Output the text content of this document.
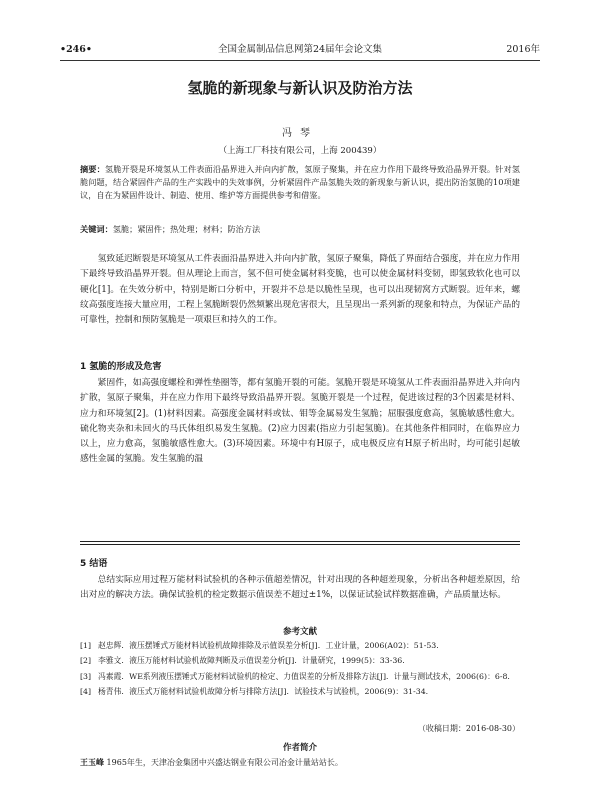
•246•	全国金属制品信息网第24届年会论文集	2016年
氢脆的新现象与新认识及防治方法
冯琴
（上海工厂科技有限公司，上海 200439）
摘要：氢脆开裂是环境氢从工件表面沿晶界进入并向内扩散，氢原子聚集，并在应力作用下最终导致沿晶界开裂。针对氢脆问题，结合紧固件产品的生产实践中的失效事例，分析紧固件产品氢脆失效的新现象与新认识，提出防治氢脆的10项建议，自在为紧固件设计、制造、使用、维护等方面提供参考和借鉴。
关键词：氢脆；紧固件；热处理；材料；防治方法
氢致延迟断裂是环境氢从工件表面沿晶界进入并向内扩散，氢原子聚集，降低了界面结合强度，并在应力作用下最终导致沿晶界开裂。但从理论上而言，氢不但可使金属材料变脆，也可以使金属材料变韧，即氢致软化也可以硬化[1]。在失效分析中，特别是断口分析中，开裂并不总是以脆性呈现，也可以出现韧窝方式断裂。近年来，螺纹高强度连接大量应用，工程上氢脆断裂仍然频繁出现危害很大，且呈现出一系列新的现象和特点，为保证产品的可靠性，控制和预防氢脆是一项艰巨和持久的工作。
1 氢脆的形成及危害
紧固件，如高强度螺栓和弹性垫圈等，都有氢脆开裂的可能。氢脆开裂是环境氢从工件表面沿晶界进入并向内扩散，氢原子聚集，并在应力作用下最终导致沿晶界开裂。氢脆开裂是一个过程，促进该过程的3个因素是材料、应力和环境氢[2]。(1)材料因素。高强度金属材料或钛、钼等金属易发生氢脆；屈服强度愈高，氢脆敏感性愈大。硫化物夹杂和未回火的马氏体组织易发生氢脆。(2)应力因素(指应力引起氢脆)。在其他条件相同时，在临界应力以上，应力愈高，氢脆敏感性愈大。(3)环境因素。环境中有H原子，成电极反应有H原子析出时，均可能引起敏感性金属的氢脆。发生氢脆的温
5 结语
总结实际应用过程万能材料试验机的各种示值超差情况，针对出现的各种超差现象，分析出各种超差原因，给出对应的解决方法。确保试验机的检定数据示值误差不超过±1%，以保证试验试样数据准确，产品质量达标。
参考文献
[1] 赵忠辉．液压摆锤式万能材料试验机故障排除及示值误差分析[J]．工业计量，2006(A02)：51-53.
[2] 李雅文．液压万能材料试验机故障判断及示值误差分析[J]．计量研究，1999(5)：33-36.
[3] 冯素霞．WE系列液压摆锤式万能材料试验机的检定、力值误差的分析及排除方法[J]．计量与测试技术，2006(6)：6-8.
[4] 杨青伟．液压式万能材料试验机故障分析与排除方法[J]．试验技术与试验机，2006(9)：31-34.
（收稿日期：2016-08-30）
作者简介
王玉峰 1965年生，天津冶金集团中兴盛达钢业有限公司冶金计量站站长。
